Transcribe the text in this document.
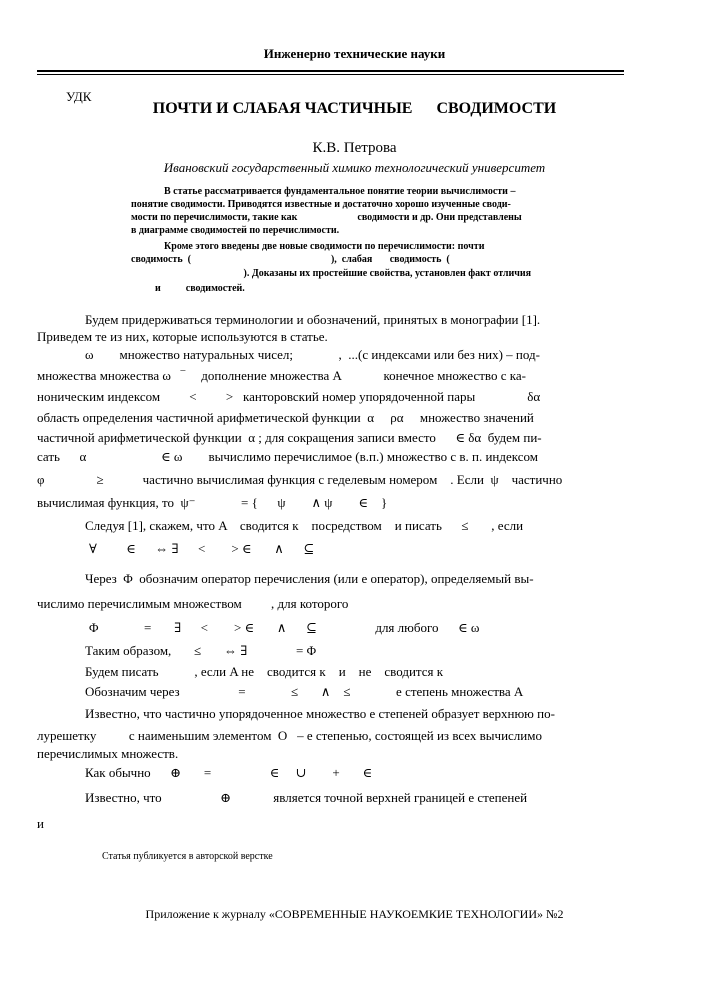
Инженерно технические науки
УДК
ПОЧТИ И СЛАБАЯ ЧАСТИЧНЫЕ      СВОДИМОСТИ
К.В. Петрова
Ивановский государственный химико технологический университет
В статье рассматривается фундаментальное понятие теории вычислимости –
понятие сводимости. Приводятся известные и достаточно хорошо изученные своди-
мости по перечислимости, такие как                        сводимости и др. Они представлены
в диаграмме сводимостей по перечислимости.
Кроме этого введены две новые сводимости по перечислимости: почти
сводимость  (                                                        ),  слабая       сводимость  (
). Доказаны их простейшие свойства, установлен факт отличия
и          сводимостей.
Будем придерживаться терминологии и обозначений, принятых в монографии [1].
Приведем те из них, которые используются в статье.
ω        множество натуральных чисел;              ,  ...(с индексами или без них) – под-
множества множества ω   ‾     дополнение множества A             конечное множество с ка-
ноническим индексом         <         >   канторовский номер упорядоченной пары                δα
область определения частичной арифметической функции  α     ρα     множество значений
частичной арифметической функции  α ; для сокращения записи вместо      ∈ δα  будем пи-
сать      α                       ∈ ω        вычислимо перечислимое (в.п.) множество с в. п. индексом
φ                ≥            частично вычислимая функция с геделевым номером    . Если  ψ    частично
вычислимая функция, то  ψ⁻              = {      ψ        ∧ ψ        ∈    }
Следуя [1], скажем, что A    сводится к    посредством    и писать      ≤       , если
∀         ∈      ⇔ ∃      <        > ∈       ∧      ⊆
Через  Φ  обозначим оператор перечисления (или e оператор), определяемый вы-
числимо перечислимым множеством         , для которого
Φ              =       ∃      <        > ∈       ∧      ⊆                  для любого      ∈ ω
Таким образом,       ≤       ⇔ ∃               = Φ
Будем писать           , если A не    сводится к    и    не    сводится к
Обозначим через                  =              ≤       ∧    ≤              e степень множества A
Известно, что частично упорядоченное множество e степеней образует верхнюю по-
лурешетку          с наименьшим элементом  O   – e степенью, состоящей из всех вычислимо
перечислимых множеств.
Как обычно      ⊕       =                  ∈     ∪        +       ∈
Известно, что                  ⊕             является точной верхней границей e степеней
и
Статья публикуется в авторской верстке
Приложение к журналу «СОВРЕМЕННЫЕ НАУКОЕМКИЕ ТЕХНОЛОГИИ» №2
